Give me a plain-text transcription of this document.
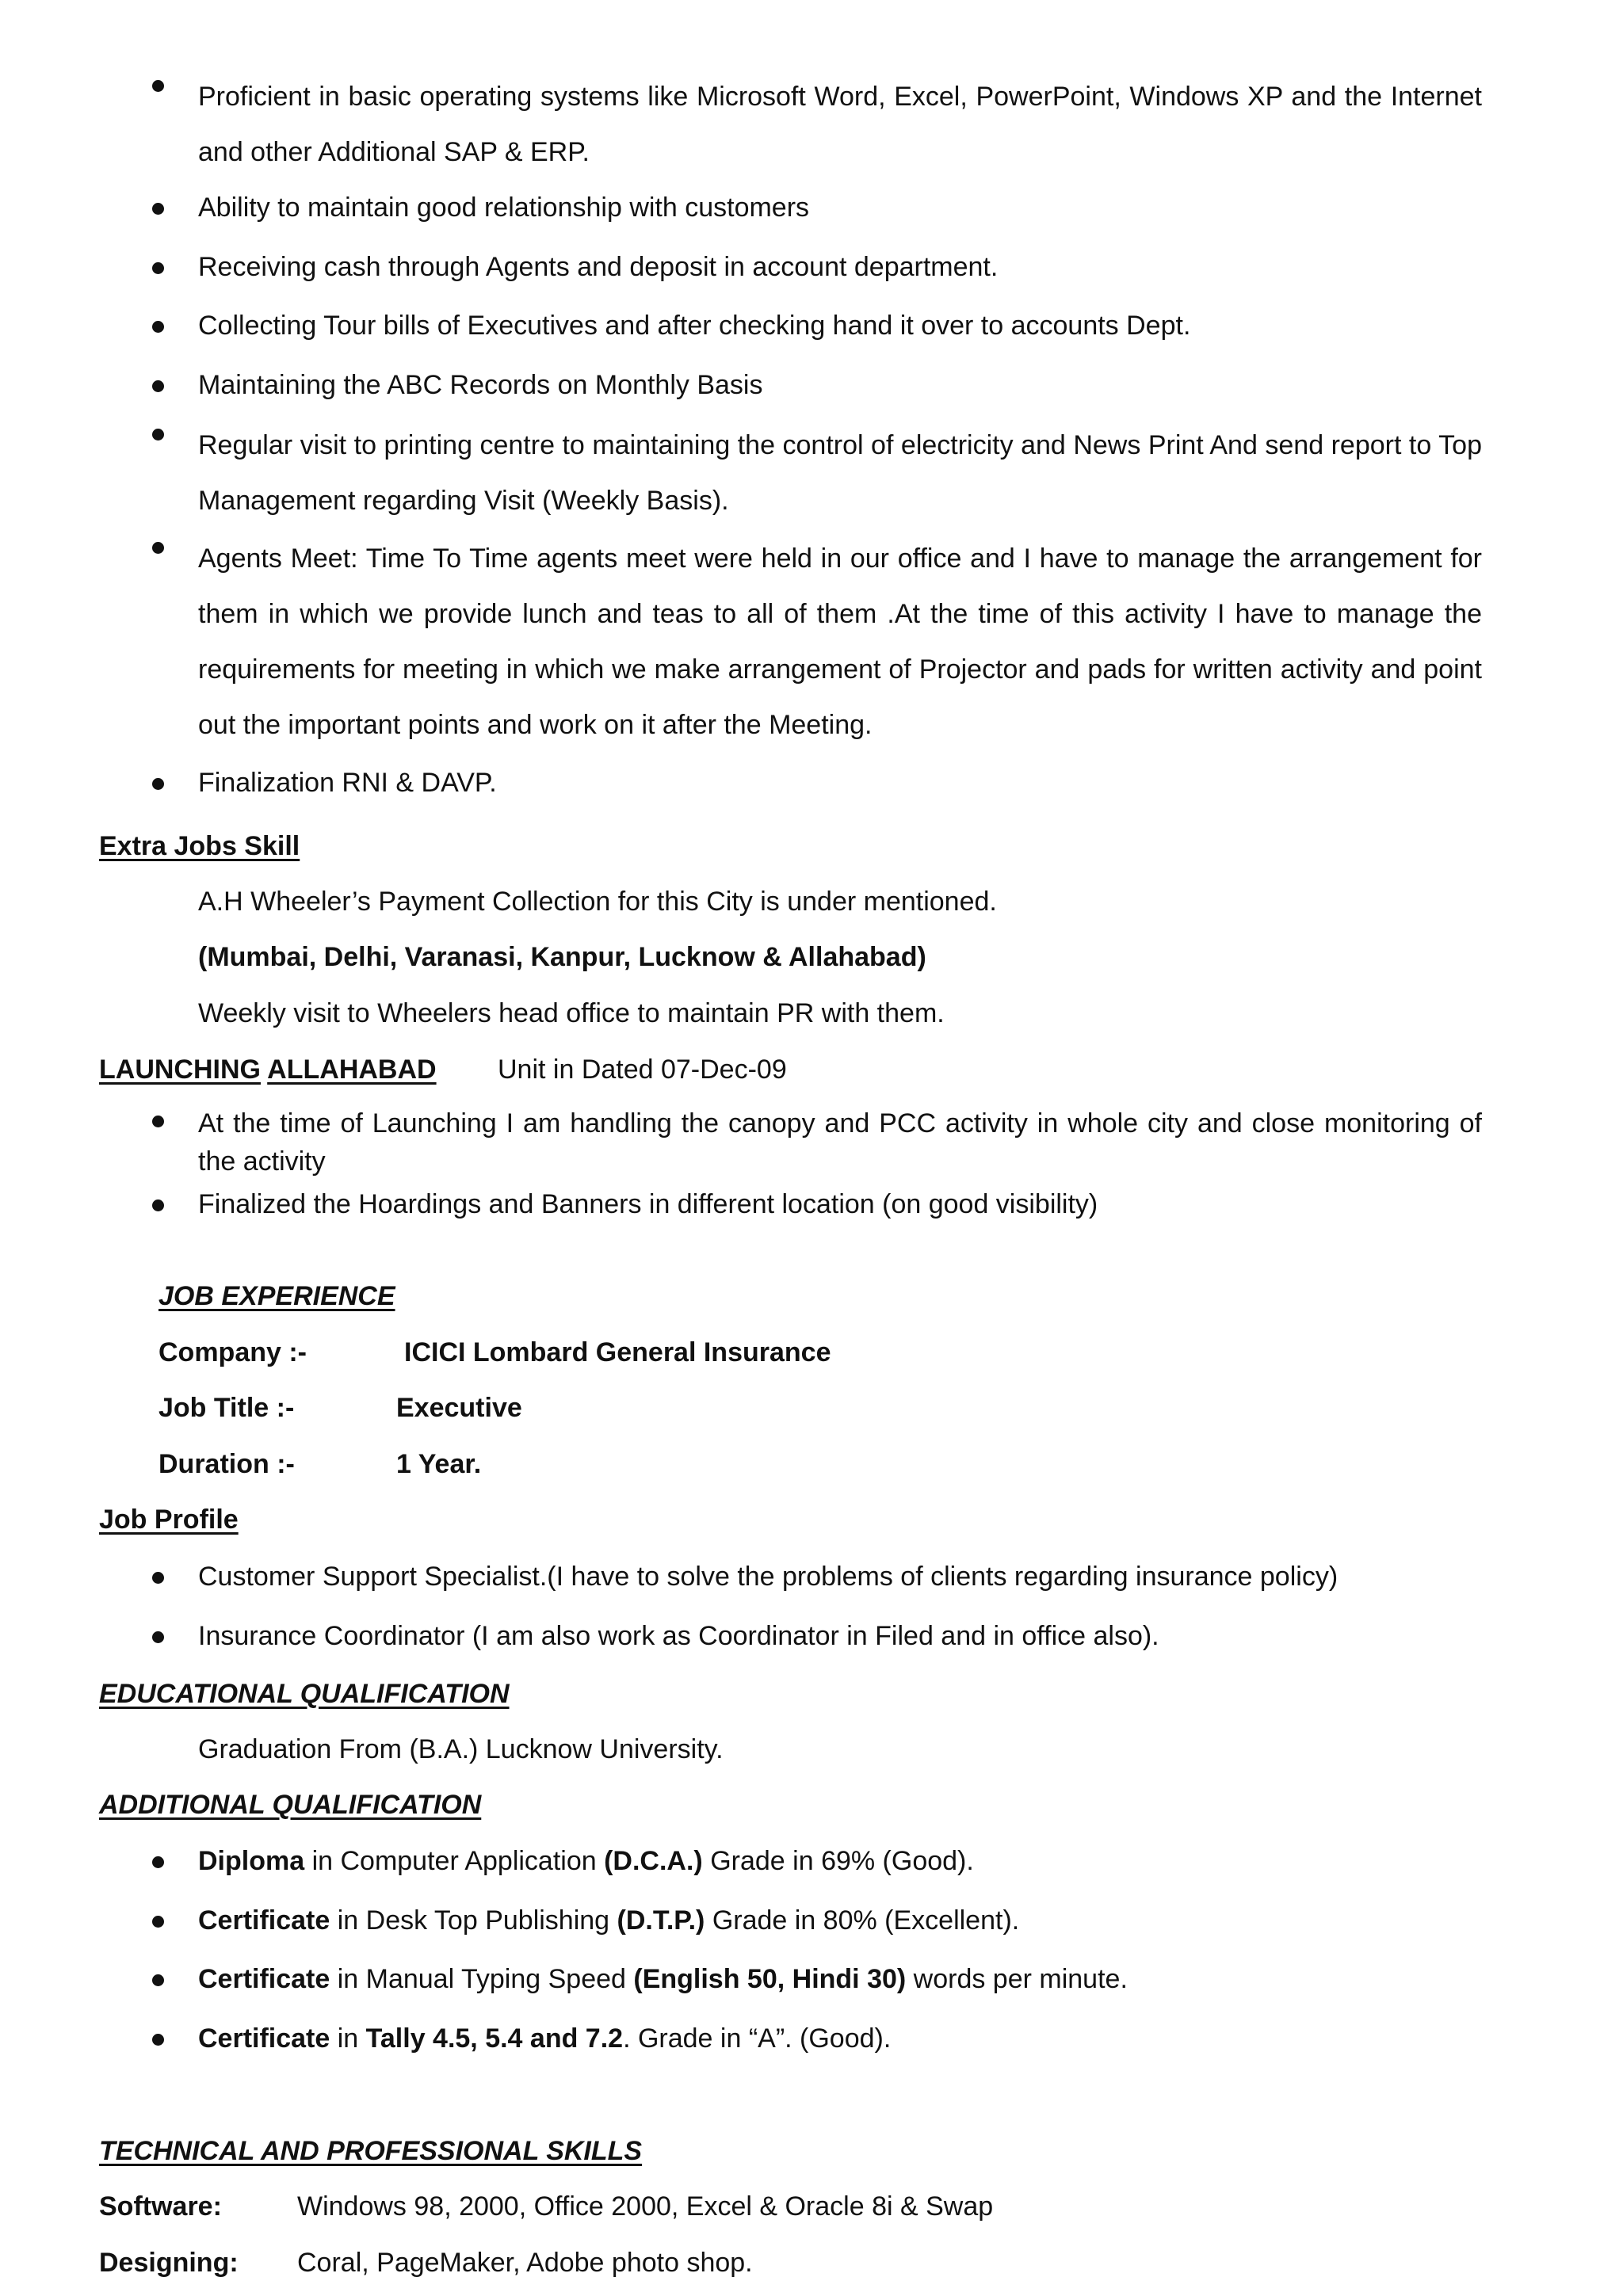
Proficient in basic operating systems like Microsoft Word, Excel, PowerPoint, Windows XP and the Internet and other Additional SAP & ERP.
Ability to maintain good relationship with customers
Receiving cash through Agents and deposit in account department.
Collecting Tour bills of Executives and after checking hand it over to accounts Dept.
Maintaining the ABC Records on Monthly Basis
Regular visit to printing centre to maintaining the control of electricity and News Print And send report to Top Management regarding Visit (Weekly Basis).
Agents Meet: Time To Time agents meet were held in our office and I have to manage the arrangement for them in which we provide lunch and teas to all of them .At the time of this activity I have to manage the requirements for meeting in which we make arrangement of Projector and pads for written activity and point out the important points and work on it after the Meeting.
Finalization RNI & DAVP.
Extra Jobs Skill
A.H Wheeler’s Payment Collection for this City is under mentioned.
(Mumbai, Delhi, Varanasi, Kanpur, Lucknow & Allahabad)
Weekly visit to Wheelers head office to maintain PR with them.
LAUNCHING ALLAHABAD Unit in Dated 07-Dec-09
At the time of Launching I am handling the canopy and PCC activity in whole city and close monitoring of the activity
Finalized the Hoardings and Banners in different location (on good visibility)
JOB EXPERIENCE
Company :-	ICICI Lombard General Insurance
Job Title :-	Executive
Duration :-	1 Year.
Job Profile
Customer Support Specialist.(I have to solve the problems of clients regarding insurance policy)
Insurance Coordinator (I am also work as Coordinator in Filed and in office also).
EDUCATIONAL QUALIFICATION
Graduation From (B.A.) Lucknow University.
ADDITIONAL QUALIFICATION
Diploma in Computer Application (D.C.A.) Grade in 69% (Good).
Certificate in Desk Top Publishing (D.T.P.) Grade in 80% (Excellent).
Certificate in Manual Typing Speed (English 50, Hindi 30) words per minute.
Certificate in Tally 4.5, 5.4 and 7.2. Grade in “A”. (Good).
TECHNICAL AND PROFESSIONAL SKILLS
Software:	Windows 98, 2000, Office 2000, Excel & Oracle 8i & Swap
Designing: Coral, PageMaker, Adobe photo shop.
